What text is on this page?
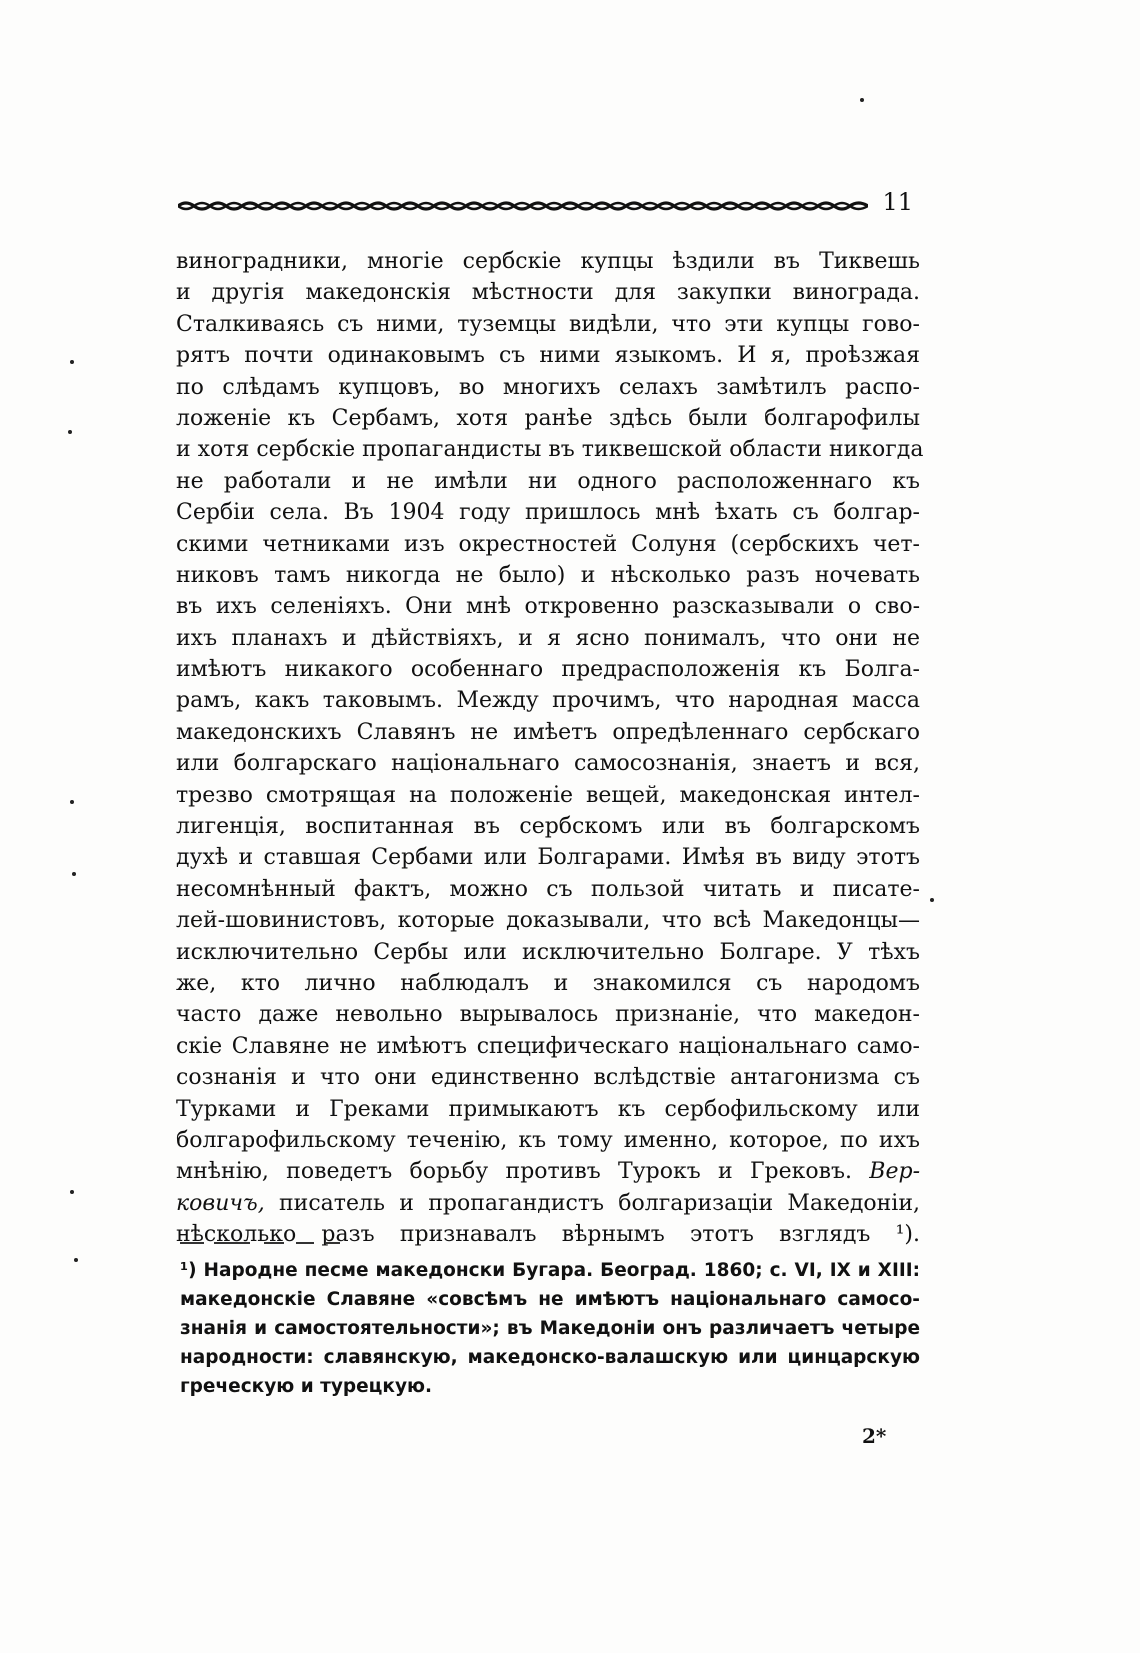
11
виноградники, многіе сербскіе купцы ѣздили въ Тиквешь
и другія македонскія мѣстности для закупки винограда.
Сталкиваясь съ ними, туземцы видѣли, что эти купцы гово-
рятъ почти одинаковымъ съ ними языкомъ. И я, проѣзжая
по слѣдамъ купцовъ, во многихъ селахъ замѣтилъ распо-
ложеніе къ Сербамъ, хотя ранѣе здѣсь были болгарофилы
и хотя сербскіе пропагандисты въ тиквешской области никогда
не работали и не имѣли ни одного расположеннаго къ
Сербіи села. Въ 1904 году пришлось мнѣ ѣхать съ болгар-
скими четниками изъ окрестностей Солуня (сербскихъ чет-
никовъ тамъ никогда не было) и нѣсколько разъ ночевать
въ ихъ селеніяхъ. Они мнѣ откровенно разсказывали о сво-
ихъ планахъ и дѣйствіяхъ, и я ясно понималъ, что они не
имѣютъ никакого особеннаго предрасположенія къ Болга-
рамъ, какъ таковымъ. Между прочимъ, что народная масса
македонскихъ Славянъ не имѣетъ опредѣленнаго сербскаго
или болгарскаго національнаго самосознанія, знаетъ и вся,
трезво смотрящая на положеніе вещей, македонская интел-
лигенція, воспитанная въ сербскомъ или въ болгарскомъ
духѣ и ставшая Сербами или Болгарами. Имѣя въ виду этотъ
несомнѣнный фактъ, можно съ пользой читать и писате-
лей-шовинистовъ, которые доказывали, что всѣ Македонцы—
исключительно Сербы или исключительно Болгаре. У тѣхъ
же, кто лично наблюдалъ и знакомился съ народомъ
часто даже невольно вырывалось признаніе, что македон-
скіе Славяне не имѣютъ специфическаго національнаго само-
сознанія и что они единственно вслѣдствіе антагонизма съ
Турками и Греками примыкаютъ къ сербофильскому или
болгарофильскому теченію, къ тому именно, которое, по ихъ
мнѣнію, поведетъ борьбу противъ Турокъ и Грековъ. Вер-
ковичъ, писатель и пропагандистъ болгаризаціи Македоніи,
нѣсколько разъ признавалъ вѣрнымъ этотъ взглядъ ¹).
¹) Народне песме македонски Бугара. Београд. 1860; с. VI, IX и XIII:
македонскіе Славяне «совсѣмъ не имѣютъ національнаго самосо-
знанія и самостоятельности»; въ Македоніи онъ различаетъ четыре
народности: славянскую, македонско-валашскую или цинцарскую
греческую и турецкую.
2*
